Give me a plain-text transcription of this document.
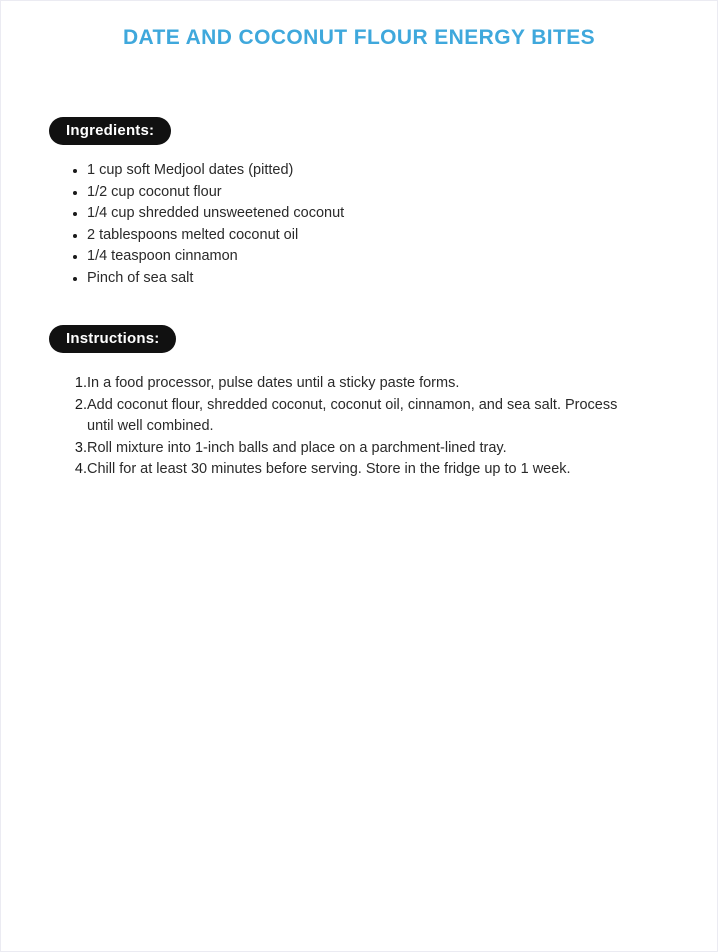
DATE AND COCONUT FLOUR ENERGY BITES
Ingredients:
• 1 cup soft Medjool dates (pitted)
• 1/2 cup coconut flour
• 1/4 cup shredded unsweetened coconut
• 2 tablespoons melted coconut oil
• 1/4 teaspoon cinnamon
• Pinch of sea salt
Instructions:
1. In a food processor, pulse dates until a sticky paste forms.
2. Add coconut flour, shredded coconut, coconut oil, cinnamon, and sea salt. Process until well combined.
3. Roll mixture into 1-inch balls and place on a parchment-lined tray.
4. Chill for at least 30 minutes before serving. Store in the fridge up to 1 week.
